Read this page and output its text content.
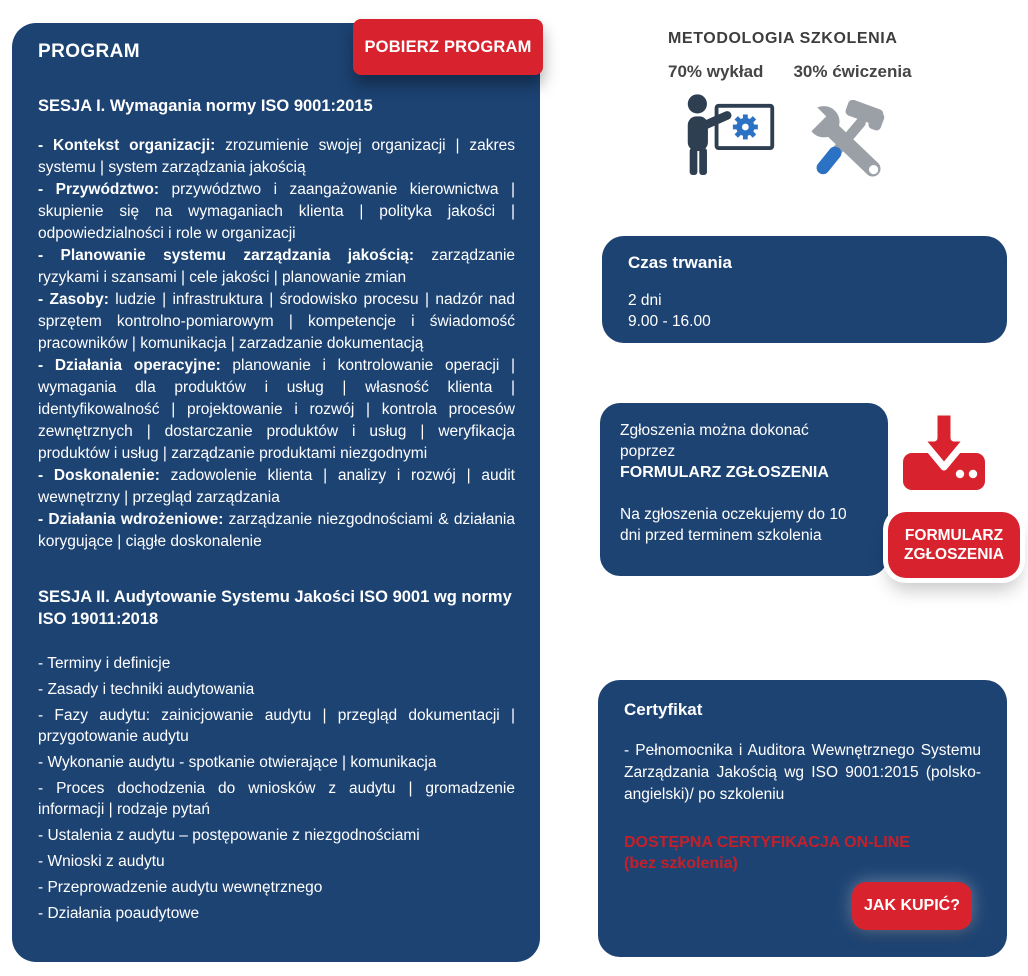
PROGRAM	POBIERZ PROGRAM
SESJA I. Wymagania normy ISO 9001:2015

- Kontekst organizacji: zrozumienie swojej organizacji | zakres systemu | system zarządzania jakością

- Przywództwo: przywództwo i zaangażowanie kierownictwa | skupienie się na wymaganiach klienta | polityka jakości | odpowiedzialności i role w organizacji

- Planowanie systemu zarządzania jakością: zarządzanie ryzykami i szansami | cele jakości | planowanie zmian

- Zasoby: ludzie | infrastruktura | środowisko procesu | nadzór nad sprzętem kontrolno-pomiarowym | kompetencje i świadomość pracowników | komunikacja | zarzadzanie dokumentacją

- Działania operacyjne: planowanie i kontrolowanie operacji | wymagania dla produktów i usług | własność klienta | identyfikowalność | projektowanie i rozwój | kontrola procesów zewnętrznych | dostarczanie produktów i usług | weryfikacja produktów i usług | zarządzanie produktami niezgodnymi

- Doskonalenie: zadowolenie klienta | analizy i rozwój | audit wewnętrzny | przegląd zarządzania

- Działania wdrożeniowe: zarządzanie niezgodnościami & działania korygujące | ciągłe doskonalenie

SESJA II. Audytowanie Systemu Jakości ISO 9001 wg normy ISO 19011:2018

- Terminy i definicje

- Zasady i techniki audytowania

- Fazy audytu: zainicjowanie audytu | przegląd dokumentacji | przygotowanie audytu

- Wykonanie audytu - spotkanie otwierające | komunikacja

- Proces dochodzenia do wniosków z audytu | gromadzenie informacji | rodzaje pytań

- Ustalenia z audytu – postępowanie z niezgodnościami

- Wnioski z audytu

- Przeprowadzenie audytu wewnętrznego

- Działania poaudytowe

METODOLOGIA SZKOLENIA
70% wykład 30% ćwiczenia
Czas trwania
2 dni
9.00 - 16.00
Zgłoszenia można dokonać poprzez
FORMULARZ ZGŁOSZENIA
Na zgłoszenia oczekujemy do 10 dni przed terminem szkolenia	FORMULARZ
ZGŁOSZENIA
Certyfikat

- Pełnomocnika i Auditora Wewnętrznego Systemu Zarządzania Jakością wg ISO 9001:2015 (polsko-angielski)/ po szkoleniu

DOSTĘPNA CERTYFIKACJA ON-LINE
(bez szkolenia)
JAK KUPIĆ?
